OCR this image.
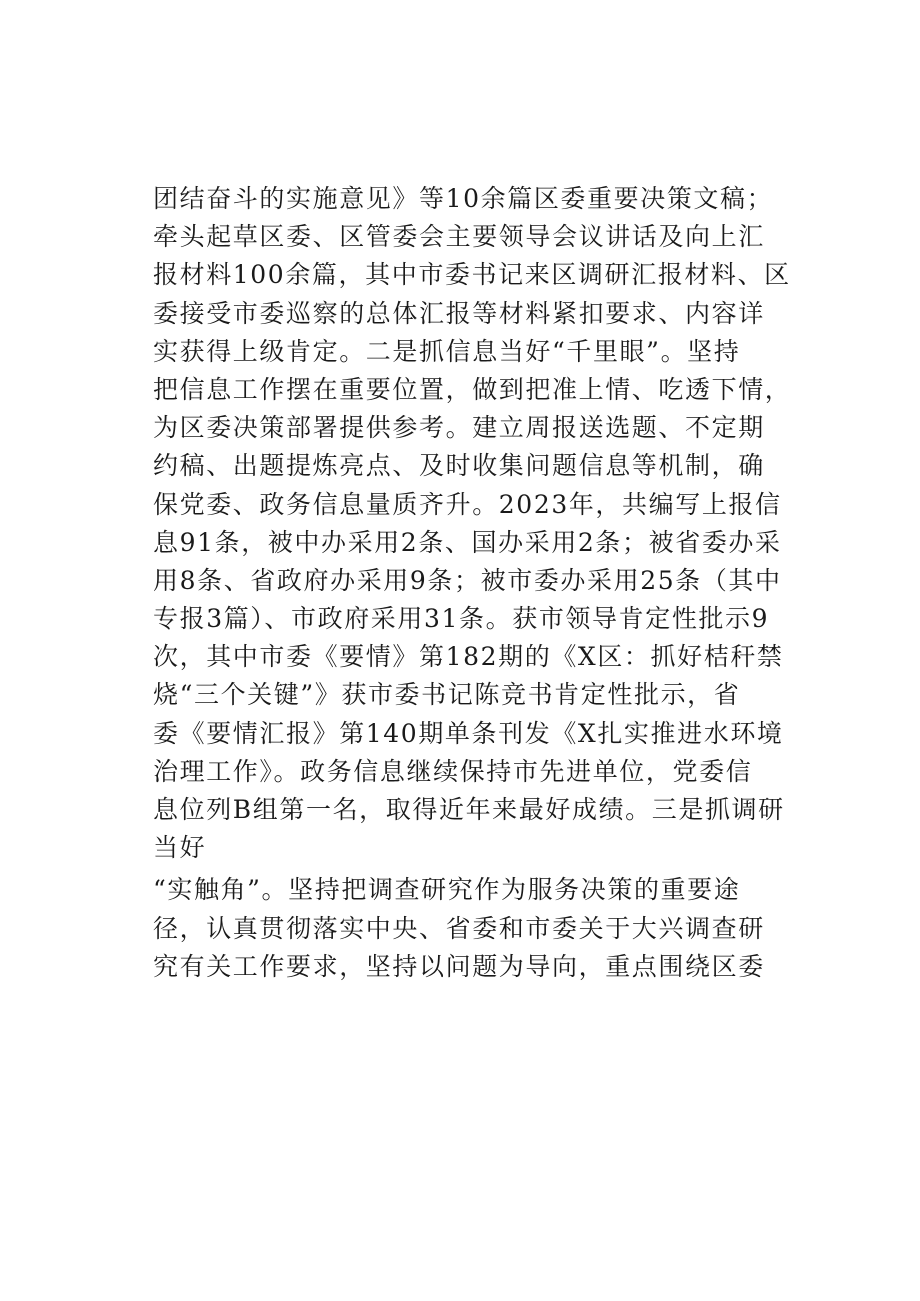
团结奋斗的实施意见》等10余篇区委重要决策文稿；
牵头起草区委、区管委会主要领导会议讲话及向上汇
报材料100余篇，其中市委书记来区调研汇报材料、区
委接受市委巡察的总体汇报等材料紧扣要求、内容详
实获得上级肯定。二是抓信息当好“千里眼”。坚持
把信息工作摆在重要位置，做到把准上情、吃透下情，
为区委决策部署提供参考。建立周报送选题、不定期
约稿、出题提炼亮点、及时收集问题信息等机制，确
保党委、政务信息量质齐升。2023年，共编写上报信
息91条，被中办采用2条、国办采用2条；被省委办采
用8条、省政府办采用9条；被市委办采用25条（其中
专报3篇）、市政府采用31条。获市领导肯定性批示9
次，其中市委《要情》第182期的《X区：抓好桔秆禁
烧“三个关键”》获市委书记陈竞书肯定性批示，省
委《要情汇报》第140期单条刊发《X扎实推进水环境
治理工作》。政务信息继续保持市先进单位，党委信
息位列B组第一名，取得近年来最好成绩。三是抓调研
当好
“实触角”。坚持把调查研究作为服务决策的重要途
径，认真贯彻落实中央、省委和市委关于大兴调查研
究有关工作要求，坚持以问题为导向，重点围绕区委
